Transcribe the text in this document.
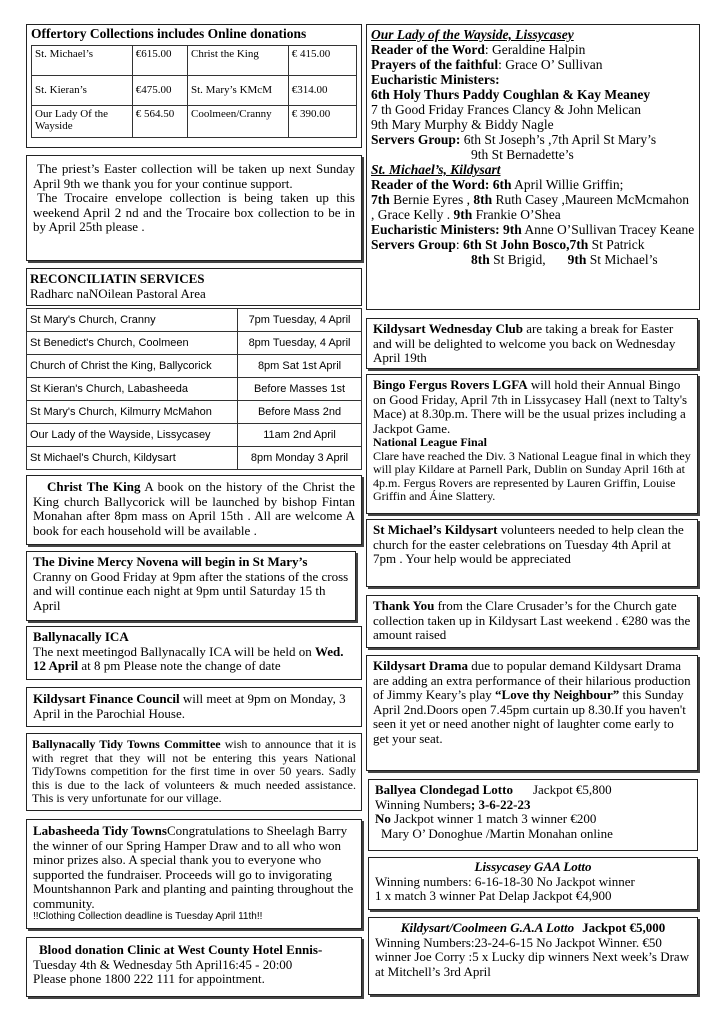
Offertory Collections includes Online donations
St. Michael’s	€615.00	Christ the King	€ 415.00
St. Kieran’s	€475.00	St. Mary’s KMcM	€314.00
Our Lady Of the Wayside	€ 564.50	Coolmeen/Cranny	€ 390.00

The priest’s Easter collection will be taken up next Sunday April 9th we thank you for your continue support.

The Trocaire envelope collection is being taken up this weekend April 2 nd and the Trocaire box collection to be in by April 25th please .

RECONCILIATIN SERVICES
Radharc naNOilean Pastoral Area
St Mary's Church, Cranny	7pm Tuesday, 4 April
St Benedict's Church, Coolmeen	8pm Tuesday, 4 April
Church of Christ the King, Ballycorick	8pm Sat 1st April
St Kieran's Church, Labasheeda	Before Masses 1st
St Mary's Church, Kilmurry McMahon	Before Mass 2nd
Our Lady of the Wayside, Lissycasey	11am 2nd April
St Michael's Church, Kildysart	8pm Monday 3 April

Christ The King A book on the history of the Christ the King church Ballycorick will be launched by bishop Fintan Monahan after 8pm mass on April 15th . All are welcome A book for each household will be available .

The Divine Mercy Novena will begin in St Mary’s
Cranny on Good Friday at 9pm after the stations of the cross and will continue each night at 9pm until Saturday 15 th April
Ballynacally ICA

The next meetingod Ballynacally ICA will be held on Wed. 12 April at 8 pm Please note the change of date

Kildysart Finance Council will meet at 9pm on Monday, 3 April in the Parochial House.

Ballynacally Tidy Towns Committee wish to announce that it is with regret that they will not be entering this years National TidyTowns competition for the first time in over 50 years. Sadly this is due to the lack of volunteers & much needed assistance. This is very unfortunate for our village.

Labasheeda Tidy TownsCongratulations to Sheelagh Barry the winner of our Spring Hamper Draw and to all who won minor prizes also. A special thank you to everyone who supported the fundraiser. Proceeds will go to invigorating Mountshannon Park and planting and painting throughout the community.

!!Clothing Collection deadline is Tuesday April 11th!!

Blood donation Clinic at West County Hotel Ennis-
Tuesday 4th & Wednesday 5th April16:45 - 20:00
Please phone 1800 222 111 for appointment.
Our Lady of the Wayside, Lissycasey

Reader of the Word: Geraldine Halpin

Prayers of the faithful: Grace O’ Sullivan

Eucharistic Ministers:
6th Holy Thurs Paddy Coughlan & Kay Meaney
7 th Good Friday Frances Clancy & John Melican
9th Mary Murphy & Biddy Nagle

Servers Group: 6th St Joseph’s ,7th April St Mary’s

9th St Bernadette’s
St. Michael’s, Kildysart

Reader of the Word: 6th April Willie Griffin;

7th Bernie Eyres , 8th Ruth Casey ,Maureen McMcmahon , Grace Kelly . 9th Frankie O’Shea

Eucharistic Ministers: 9th Anne O’Sullivan Tracey Keane

Servers Group: 6th St John Bosco,7th St Patrick

8th St Brigid, 9th St Michael’s

Kildysart Wednesday Club are taking a break for Easter and will be delighted to welcome you back on Wednesday April 19th

Bingo Fergus Rovers LGFA will hold their Annual Bingo on Good Friday, April 7th in Lissycasey Hall (next to Talty's Mace) at 8.30p.m. There will be the usual prizes including a Jackpot Game.

National League Final
Clare have reached the Div. 3 National League final in which they will play Kildare at Parnell Park, Dublin on Sunday April 16th at 4p.m. Fergus Rovers are represented by Lauren Griffin, Louise Griffin and Áine Slattery.

St Michael’s Kildysart volunteers needed to help clean the church for the easter celebrations on Tuesday 4th April at 7pm . Your help would be appreciated

Thank You from the Clare Crusader’s for the Church gate collection taken up in Kildysart Last weekend . €280 was the amount raised

Kildysart Drama due to popular demand Kildysart Drama are adding an extra performance of their hilarious production of Jimmy Keary’s play “Love thy Neighbour” this Sunday April 2nd.Doors open 7.45pm curtain up 8.30.If you haven't seen it yet or need another night of laughter come early to get your seat.

Ballyea Clondegad Lotto Jackpot €5,800

Winning Numbers; 3-6-22-23

No Jackpot winner 1 match 3 winner €200

Mary O’ Donoghue /Martin Monahan online
Lissycasey GAA Lotto
Winning numbers: 6-16-18-30 No Jackpot winner
1 x match 3 winner Pat Delap Jackpot €4,900

Kildysart/Coolmeen G.A.A Lotto Jackpot €5,000

Winning Numbers:23-24-6-15 No Jackpot Winner. €50 winner Joe Corry :5 x Lucky dip winners Next week’s Draw at Mitchell’s 3rd April
